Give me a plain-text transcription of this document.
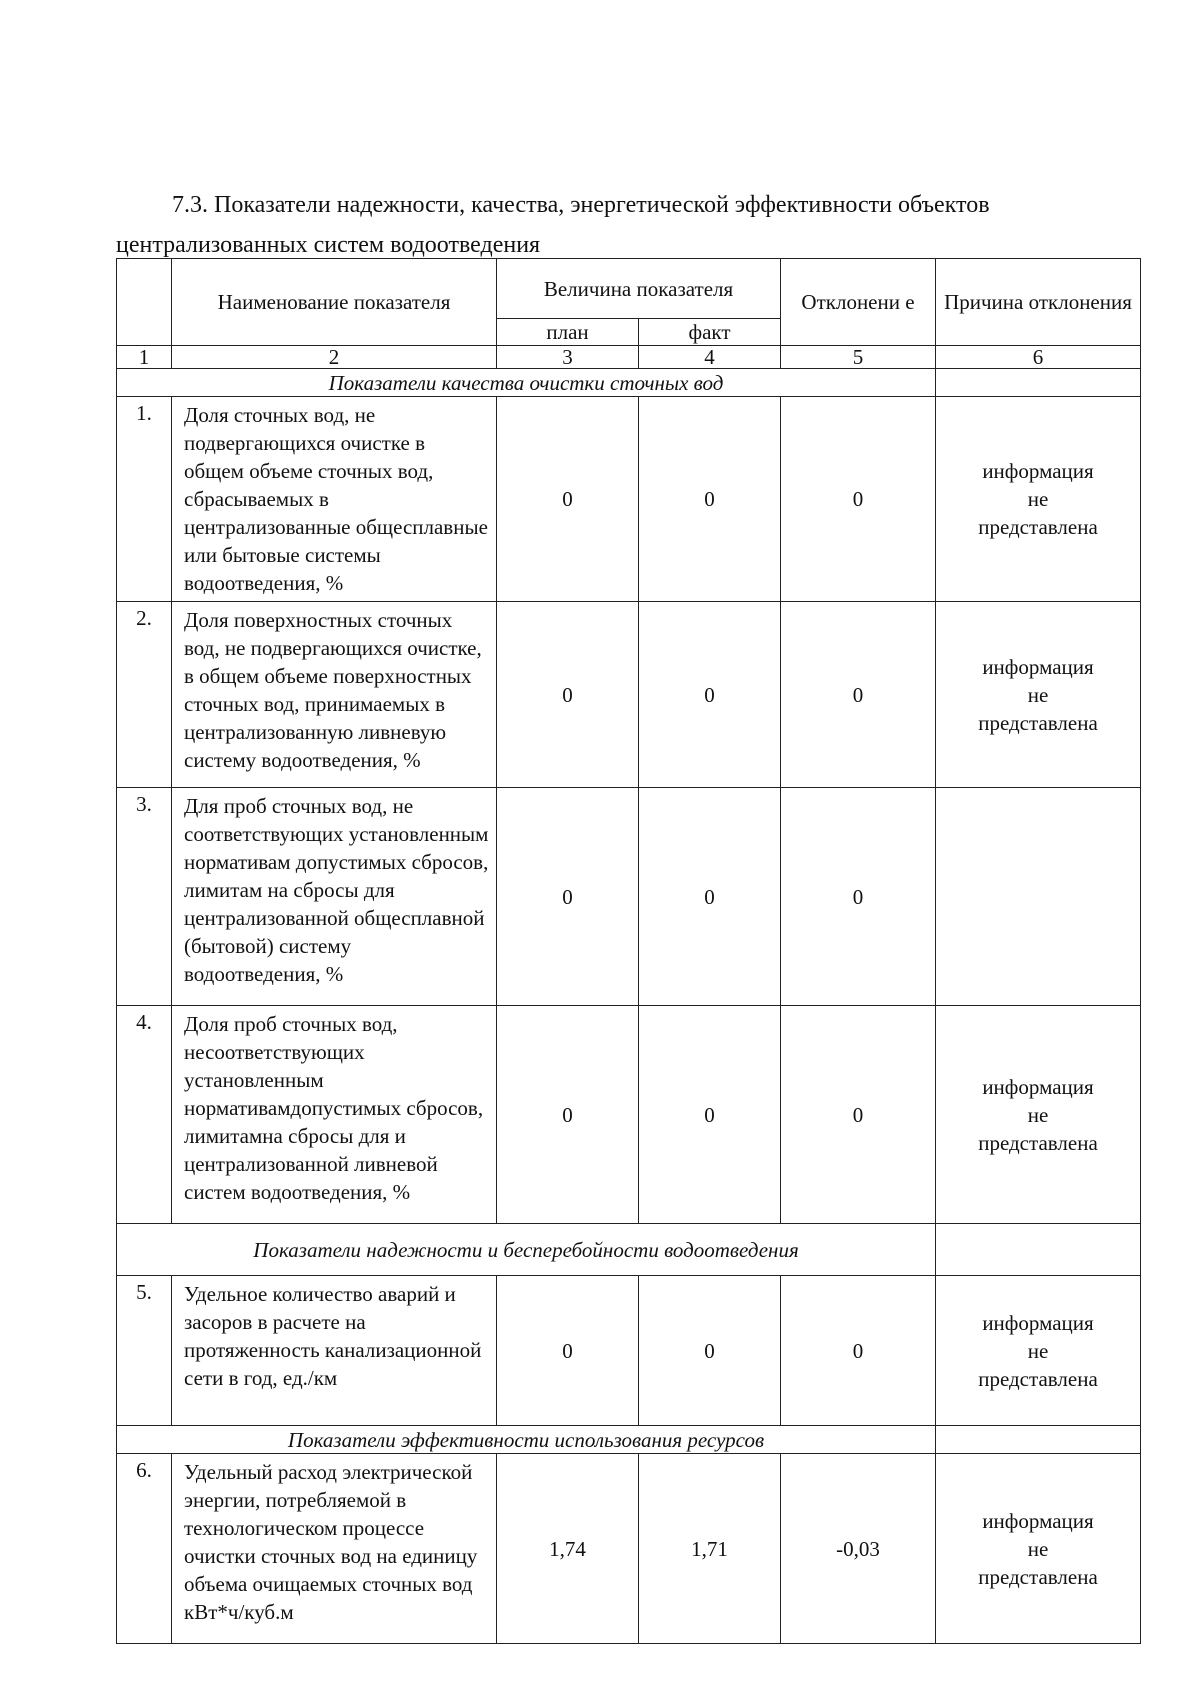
7.3. Показатели надежности, качества, энергетической эффективности объектов
централизованных систем водоотведения
	Наименование показателя	Величина показателя		Отклонени е	Причина отклонения
		план	факт		
1	2	3	4	5	6
Показатели качества очистки сточных вод					
1.	Доля сточных вод, не подвергающихся очистке в общем объеме сточных вод, сбрасываемых в централизованные общесплавные или бытовые системы водоотведения, %	0	0	0	информация
не
представлена

2.	Доля поверхностных сточных вод, не подвергающихся очистке, в общем объеме поверхностных сточных вод, принимаемых в централизованную ливневую систему водоотведения, %	0	0	0	информация
не
представлена

3.	Для проб сточных вод, не соответствующих установленным нормативам допустимых сбросов, лимитам на сбросы для централизованной общесплавной (бытовой) систему водоотведения, %	0	0	0	
4.	Доля проб сточных вод, несоответствующих установленным нормативамдопустимых сбросов, лимитамна сбросы для и централизованной ливневой систем водоотведения, %	0	0	0	информация
не
представлена

Показатели надежности и бесперебойности водоотведения					
5.	Удельное количество аварий и засоров в расчете на протяженность канализационной сети в год, ед./км	0	0	0	информация
не
представлена

Показатели эффективности использования ресурсов					
6.	Удельный расход электрической энергии, потребляемой в технологическом процессе очистки сточных вод на единицу объема очищаемых сточных вод кВт*ч/куб.м	1,74	1,71	-0,03	информация
не
представлена
